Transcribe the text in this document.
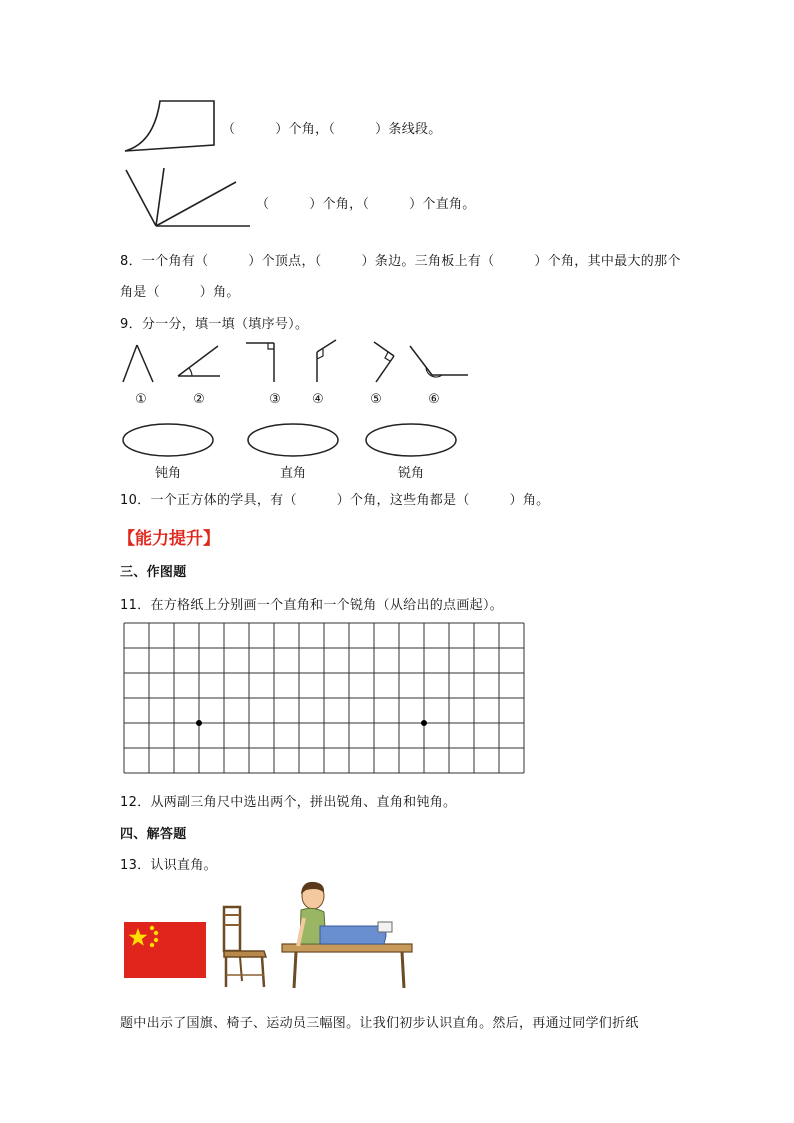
（　　　）个角，（　　　）条线段。
（　　　）个角，（　　　）个直角。
8．一个角有（　　　）个顶点，（　　　）条边。三角板上有（　　　）个角，其中最大的那个
角是（　　　）角。
9．分一分，填一填（填序号）。
①	②	③	④	⑤	⑥
钝角	直角	锐角
10．一个正方体的学具，有（　　　）个角，这些角都是（　　　）角。
【能力提升】
三、作图题
11．在方格纸上分别画一个直角和一个锐角（从给出的点画起）。
12．从两副三角尺中选出两个，拼出锐角、直角和钝角。
四、解答题
13．认识直角。
题中出示了国旗、椅子、运动员三幅图。让我们初步认识直角。然后，再通过同学们折纸
